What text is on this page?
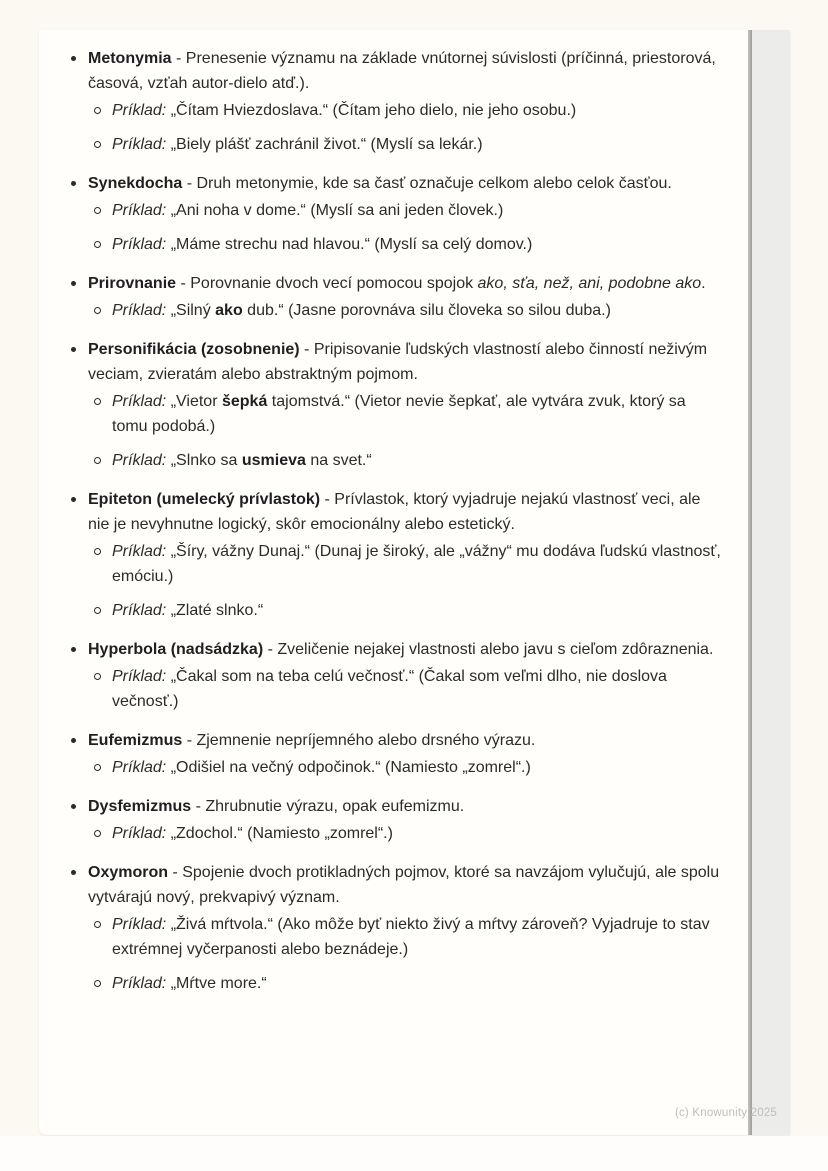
Metonymia - Prenesenie významu na základe vnútornej súvislosti (príčinná, priestorová, časová, vzťah autor-dielo atď.).
Príklad: „Čítam Hviezdoslava.“ (Čítam jeho dielo, nie jeho osobu.)
Príklad: „Biely plášť zachránil život.“ (Myslí sa lekár.)
Synekdocha - Druh metonymie, kde sa časť označuje celkom alebo celok časťou.
Príklad: „Ani noha v dome.“ (Myslí sa ani jeden človek.)
Príklad: „Máme strechu nad hlavou.“ (Myslí sa celý domov.)
Prirovnanie - Porovnanie dvoch vecí pomocou spojok ako, sťa, než, ani, podobne ako.
Príklad: „Silný ako dub.“ (Jasne porovnáva silu človeka so silou duba.)
Personifikácia (zosobnenie) - Pripisovanie ľudských vlastností alebo činností neživým veciam, zvieratám alebo abstraktným pojmom.
Príklad: „Vietor šepká tajomstvá.“ (Vietor nevie šepkať, ale vytvára zvuk, ktorý sa tomu podobá.)
Príklad: „Slnko sa usmieva na svet.“
Epiteton (umelecký prívlastok) - Prívlastok, ktorý vyjadruje nejakú vlastnosť veci, ale nie je nevyhnutne logický, skôr emocionálny alebo estetický.
Príklad: „Šíry, vážny Dunaj.“ (Dunaj je široký, ale „vážny“ mu dodáva ľudskú vlastnosť, emóciu.)
Príklad: „Zlaté slnko.“
Hyperbola (nadsádzka) - Zveličenie nejakej vlastnosti alebo javu s cieľom zdôraznenia.
Príklad: „Čakal som na teba celú večnosť.“ (Čakal som veľmi dlho, nie doslova večnosť.)
Eufemizmus - Zjemnenie nepríjemného alebo drsného výrazu.
Príklad: „Odišiel na večný odpočinok.“ (Namiesto „zomrel“.)
Dysfemizmus - Zhrubnutie výrazu, opak eufemizmu.
Príklad: „Zdochol.“ (Namiesto „zomrel“.)
Oxymoron - Spojenie dvoch protikladných pojmov, ktoré sa navzájom vylučujú, ale spolu vytvárajú nový, prekvapivý význam.
Príklad: „Živá mŕtvola.“ (Ako môže byť niekto živý a mŕtvy zároveň? Vyjadruje to stav extrémnej vyčerpanosti alebo beznádeje.)
Príklad: „Mŕtve more.“
(c) Knowunity 2025
